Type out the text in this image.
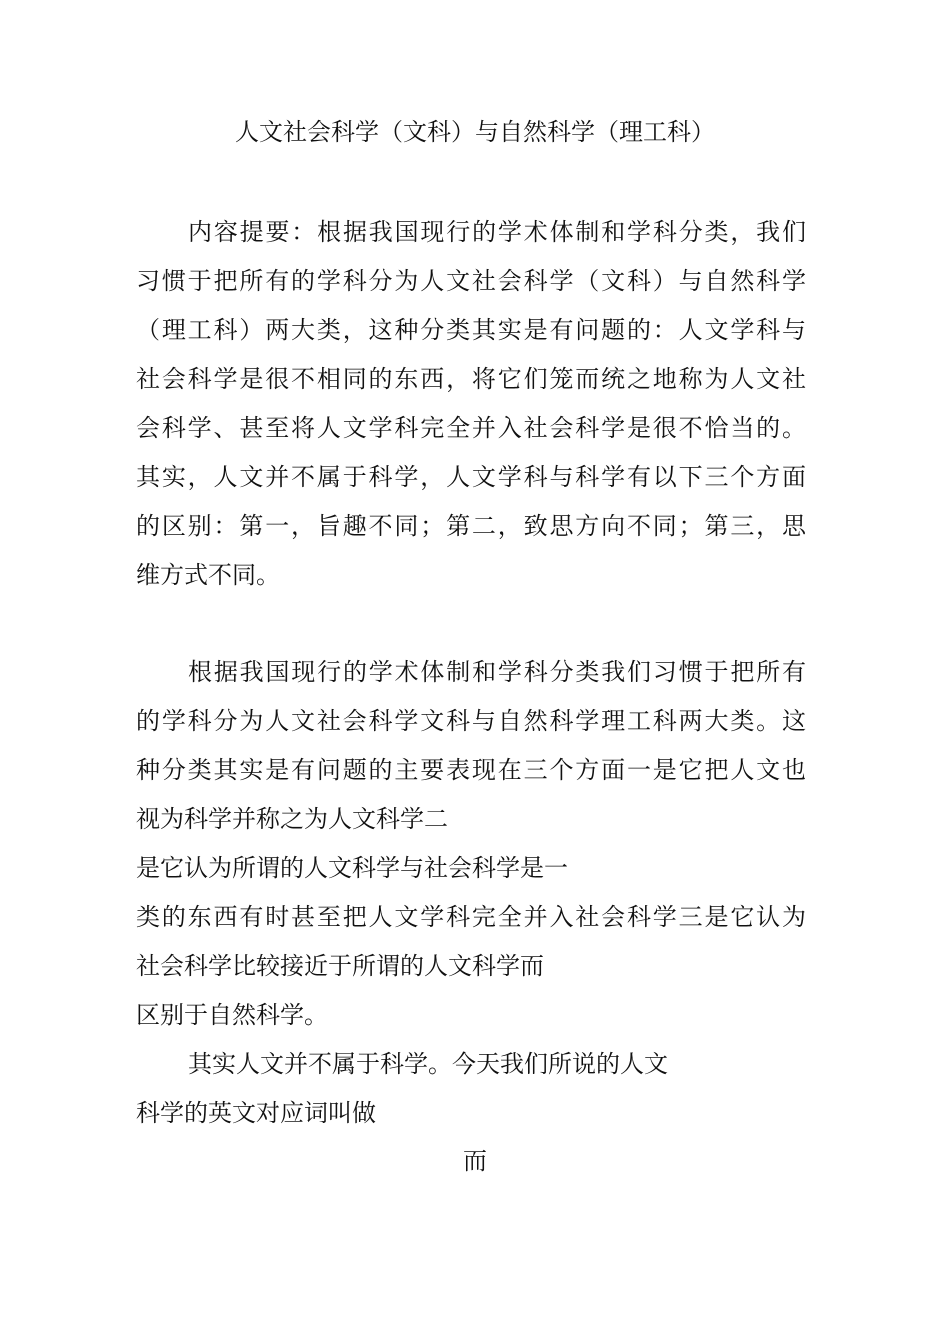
人文社会科学（文科）与自然科学（理工科）
内容提要：根据我国现行的学术体制和学科分类，我们
习惯于把所有的学科分为人文社会科学（文科）与自然科学
（理工科）两大类，这种分类其实是有问题的：人文学科与
社会科学是很不相同的东西，将它们笼而统之地称为人文社
会科学、甚至将人文学科完全并入社会科学是很不恰当的。
其实，人文并不属于科学，人文学科与科学有以下三个方面
的区别：第一，旨趣不同；第二，致思方向不同；第三，思
维方式不同。
根据我国现行的学术体制和学科分类我们习惯于把所有
的学科分为人文社会科学文科与自然科学理工科两大类。这
种分类其实是有问题的主要表现在三个方面一是它把人文也
视为科学并称之为人文科学二
是它认为所谓的人文科学与社会科学是一
类的东西有时甚至把人文学科完全并入社会科学三是它认为
社会科学比较接近于所谓的人文科学而
区别于自然科学。
其实人文并不属于科学。今天我们所说的人文
科学的英文对应词叫做
而
